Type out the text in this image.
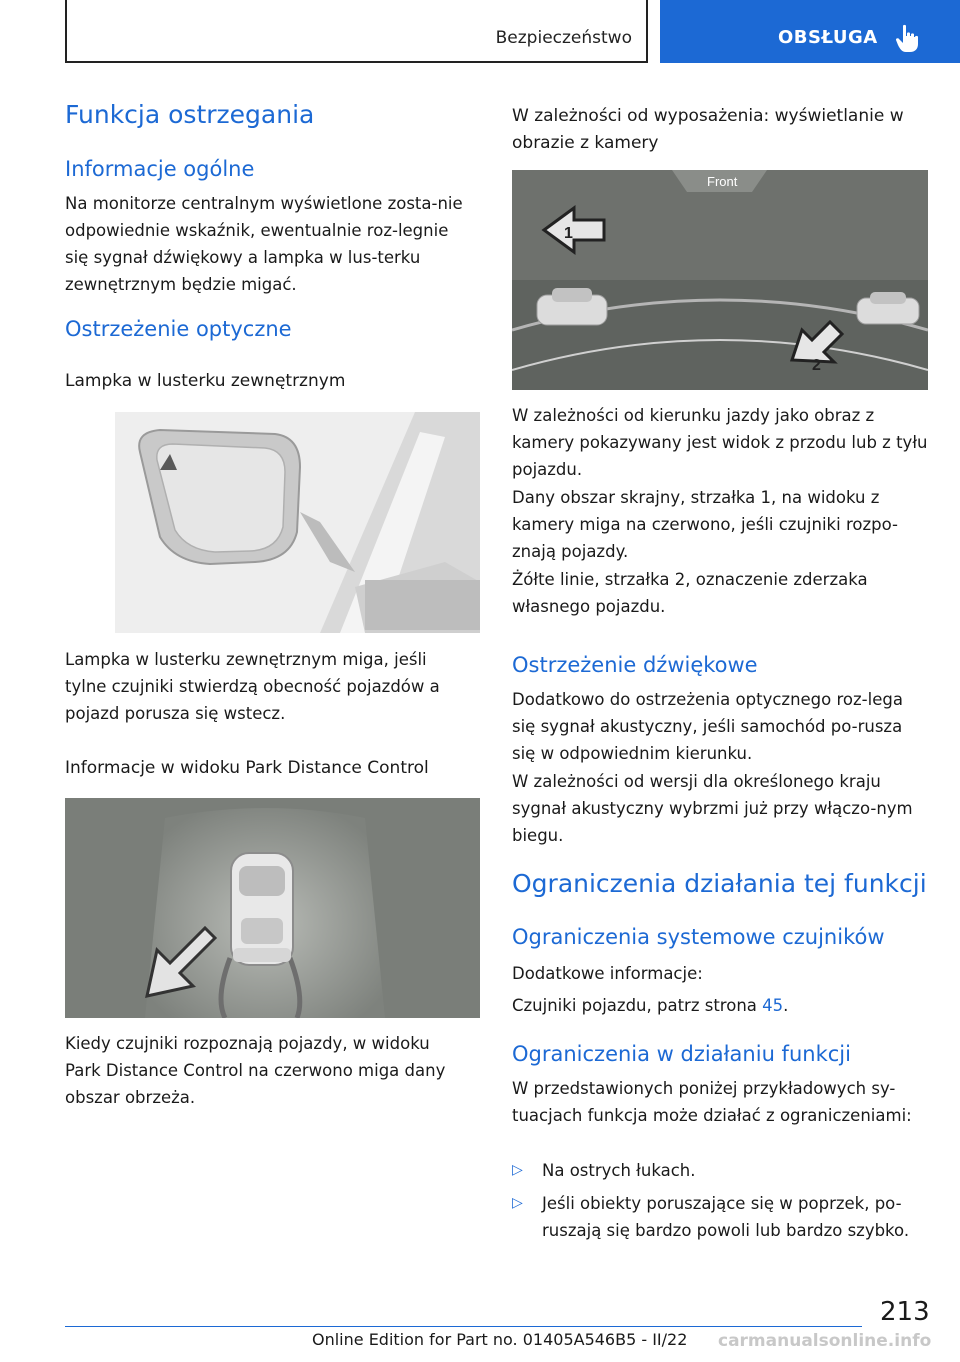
Bezpieczeństwo	OBSŁUGA
Funkcja ostrzegania
Informacje ogólne
Na monitorze centralnym wyświetlone zosta-nie odpowiednie wskaźnik, ewentualnie roz-legnie się sygnał dźwiękowy a lampka w lus-terku zewnętrznym będzie migać.
Ostrzeżenie optyczne
Lampka w lusterku zewnętrznym
Lampka w lusterku zewnętrznym miga, jeśli tylne czujniki stwierdzą obecność pojazdów a pojazd porusza się wstecz.
Informacje w widoku Park Distance Control
Kiedy czujniki rozpoznają pojazdy, w widoku Park Distance Control na czerwono miga dany obszar obrzeża.
W zależności od wyposażenia: wyświetlanie w obrazie z kamery
Front
1
2
W zależności od kierunku jazdy jako obraz z kamery pokazywany jest widok z przodu lub z tyłu pojazdu.
Dany obszar skrajny, strzałka 1, na widoku z kamery miga na czerwono, jeśli czujniki rozpo-znają pojazdy.
Żółte linie, strzałka 2, oznaczenie zderzaka własnego pojazdu.
Ostrzeżenie dźwiękowe
Dodatkowo do ostrzeżenia optycznego roz-lega się sygnał akustyczny, jeśli samochód po-rusza się w odpowiednim kierunku.
W zależności od wersji dla określonego kraju sygnał akustyczny wybrzmi już przy włączo-nym biegu.
Ograniczenia działania tej funkcji
Ograniczenia systemowe czujników
Dodatkowe informacje:
Czujniki pojazdu, patrz strona 45.
Ograniczenia w działaniu funkcji
W przedstawionych poniżej przykładowych sy-tuacjach funkcja może działać z ograniczeniami:
▷ Na ostrych łukach.
▷ Jeśli obiekty poruszające się w poprzek, po-ruszają się bardzo powoli lub bardzo szybko.
213
Online Edition for Part no. 01405A546B5 - II/22 carmanualsonline.info
